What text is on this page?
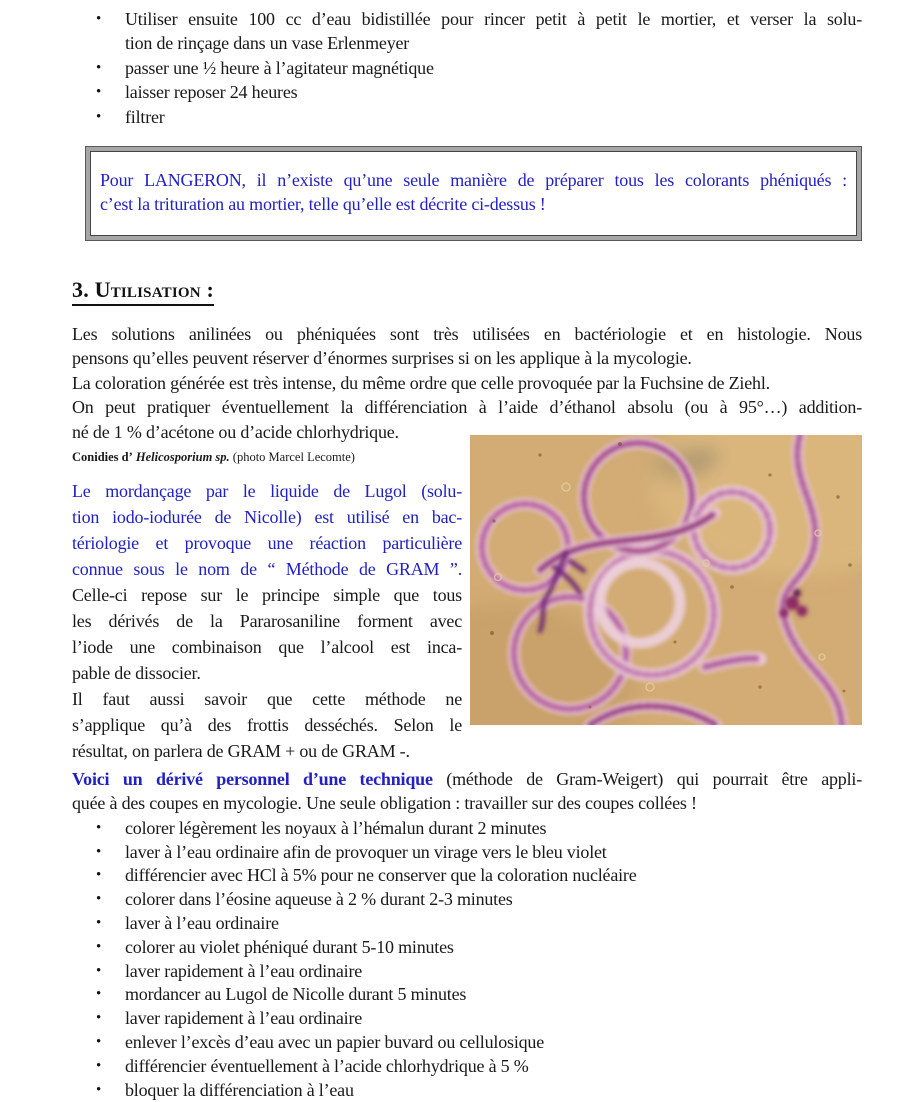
• Utiliser ensuite 100 cc d’eau bidistillée pour rincer petit à petit le mortier, et verser la solu-
tion de rinçage dans un vase Erlenmeyer
• passer une ½ heure à l’agitateur magnétique
• laisser reposer 24 heures
• filtrer
Pour LANGERON, il n’existe qu’une seule manière de préparer tous les colorants phéniqués :
c’est la trituration au mortier, telle qu’elle est décrite ci-dessus !
3. Utilisation :
Les solutions anilinées ou phéniquées sont très utilisées en bactériologie et en histologie. Nous
pensons qu’elles peuvent réserver d’énormes surprises si on les applique à la mycologie.
La coloration générée est très intense, du même ordre que celle provoquée par la Fuchsine de Ziehl.
On peut pratiquer éventuellement la différenciation à l’aide d’éthanol absolu (ou à 95°…) addition-
né de 1 % d’acétone ou d’acide chlorhydrique.
Conidies d’ Helicosporium sp. (photo Marcel Lecomte)
Le mordançage par le liquide de Lugol (solu-
tion iodo-iodurée de Nicolle) est utilisé en bac-
tériologie et provoque une réaction particulière
connue sous le nom de “ Méthode de GRAM ”.
Celle-ci repose sur le principe simple que tous
les dérivés de la Pararosaniline forment avec
l’iode une combinaison que l’alcool est inca-
pable de dissocier.
Il faut aussi savoir que cette méthode ne
s’applique qu’à des frottis desséchés. Selon le
résultat, on parlera de GRAM + ou de GRAM -.
Voici un dérivé personnel d’une technique (méthode de Gram-Weigert) qui pourrait être appli-
quée à des coupes en mycologie. Une seule obligation : travailler sur des coupes collées !
• colorer légèrement les noyaux à l’hémalun durant 2 minutes
• laver à l’eau ordinaire afin de provoquer un virage vers le bleu violet
• différencier avec HCl à 5% pour ne conserver que la coloration nucléaire
• colorer dans l’éosine aqueuse à 2 % durant 2-3 minutes
• laver à l’eau ordinaire
• colorer au violet phéniqué durant 5-10 minutes
• laver rapidement à l’eau ordinaire
• mordancer au Lugol de Nicolle durant 5 minutes
• laver rapidement à l’eau ordinaire
• enlever l’excès d’eau avec un papier buvard ou cellulosique
• différencier éventuellement à l’acide chlorhydrique à 5 %
• bloquer la différenciation à l’eau
